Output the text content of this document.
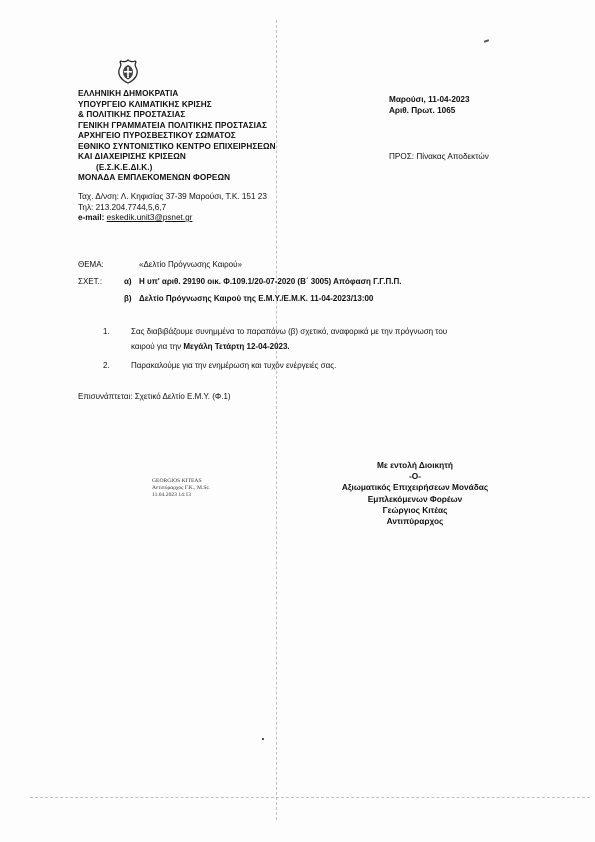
ΕΛΛΗΝΙΚΗ ΔΗΜΟΚΡΑΤΙΑ
ΥΠΟΥΡΓΕΙΟ ΚΛΙΜΑΤΙΚΗΣ ΚΡΙΣΗΣ
& ΠΟΛΙΤΙΚΗΣ ΠΡΟΣΤΑΣΙΑΣ
ΓΕΝΙΚΗ ΓΡΑΜΜΑΤΕΙΑ ΠΟΛΙΤΙΚΗΣ ΠΡΟΣΤΑΣΙΑΣ
ΑΡΧΗΓΕΙΟ ΠΥΡΟΣΒΕΣΤΙΚΟΥ ΣΩΜΑΤΟΣ
ΕΘΝΙΚΟ ΣΥΝΤΟΝΙΣΤΙΚΟ ΚΕΝΤΡΟ ΕΠΙΧΕΙΡΗΣΕΩΝ
ΚΑΙ ΔΙΑΧΕΙΡΙΣΗΣ ΚΡΙΣΕΩΝ
(Ε.Σ.Κ.Ε.ΔΙ.Κ.)
ΜΟΝΑΔΑ ΕΜΠΛΕΚΟΜΕΝΩΝ ΦΟΡΕΩΝ
Ταχ. Δ/νση: Λ. Κηφισίας 37-39 Μαρούσι, Τ.Κ. 151 23
Τηλ: 213.204.7744,5,6,7
e-mail: eskedik.unit3@psnet.gr
Μαρούσι, 11-04-2023
Αριθ. Πρωτ. 1065
ΠΡΟΣ: Πίνακας Αποδεκτών
ΘΕΜΑ:	«Δελτίο Πρόγνωσης Καιρού»
ΣΧΕΤ.:	α) Η υπ' αριθ. 29190 οικ. Φ.109.1/20-07-2020 (Β΄ 3005) Απόφαση Γ.Γ.Π.Π.
β) Δελτίο Πρόγνωσης Καιρού της Ε.Μ.Υ./Ε.Μ.Κ. 11-04-2023/13:00
1.	Σας διαβιβάζουμε συνημμένα το παραπάνω (β) σχετικό, αναφορικά με την πρόγνωση του
καιρού για την Μεγάλη Τετάρτη 12-04-2023.
2.	Παρακαλούμε για την ενημέρωση και τυχόν ενέργειές σας.
Επισυνάπτεται: Σχετικό Δελτίο Ε.Μ.Υ. (Φ.1)
GEORGIOS KITEAS
Αντιπύραρχος Γ.Κ., M.Sc.
11.04.2023 14:13
Με εντολή Διοικητή
-Ο-
Αξιωματικός Επιχειρήσεων Μονάδας
Εμπλεκόμενων Φορέων
Γεώργιος Κιτέας
Αντιπύραρχος
